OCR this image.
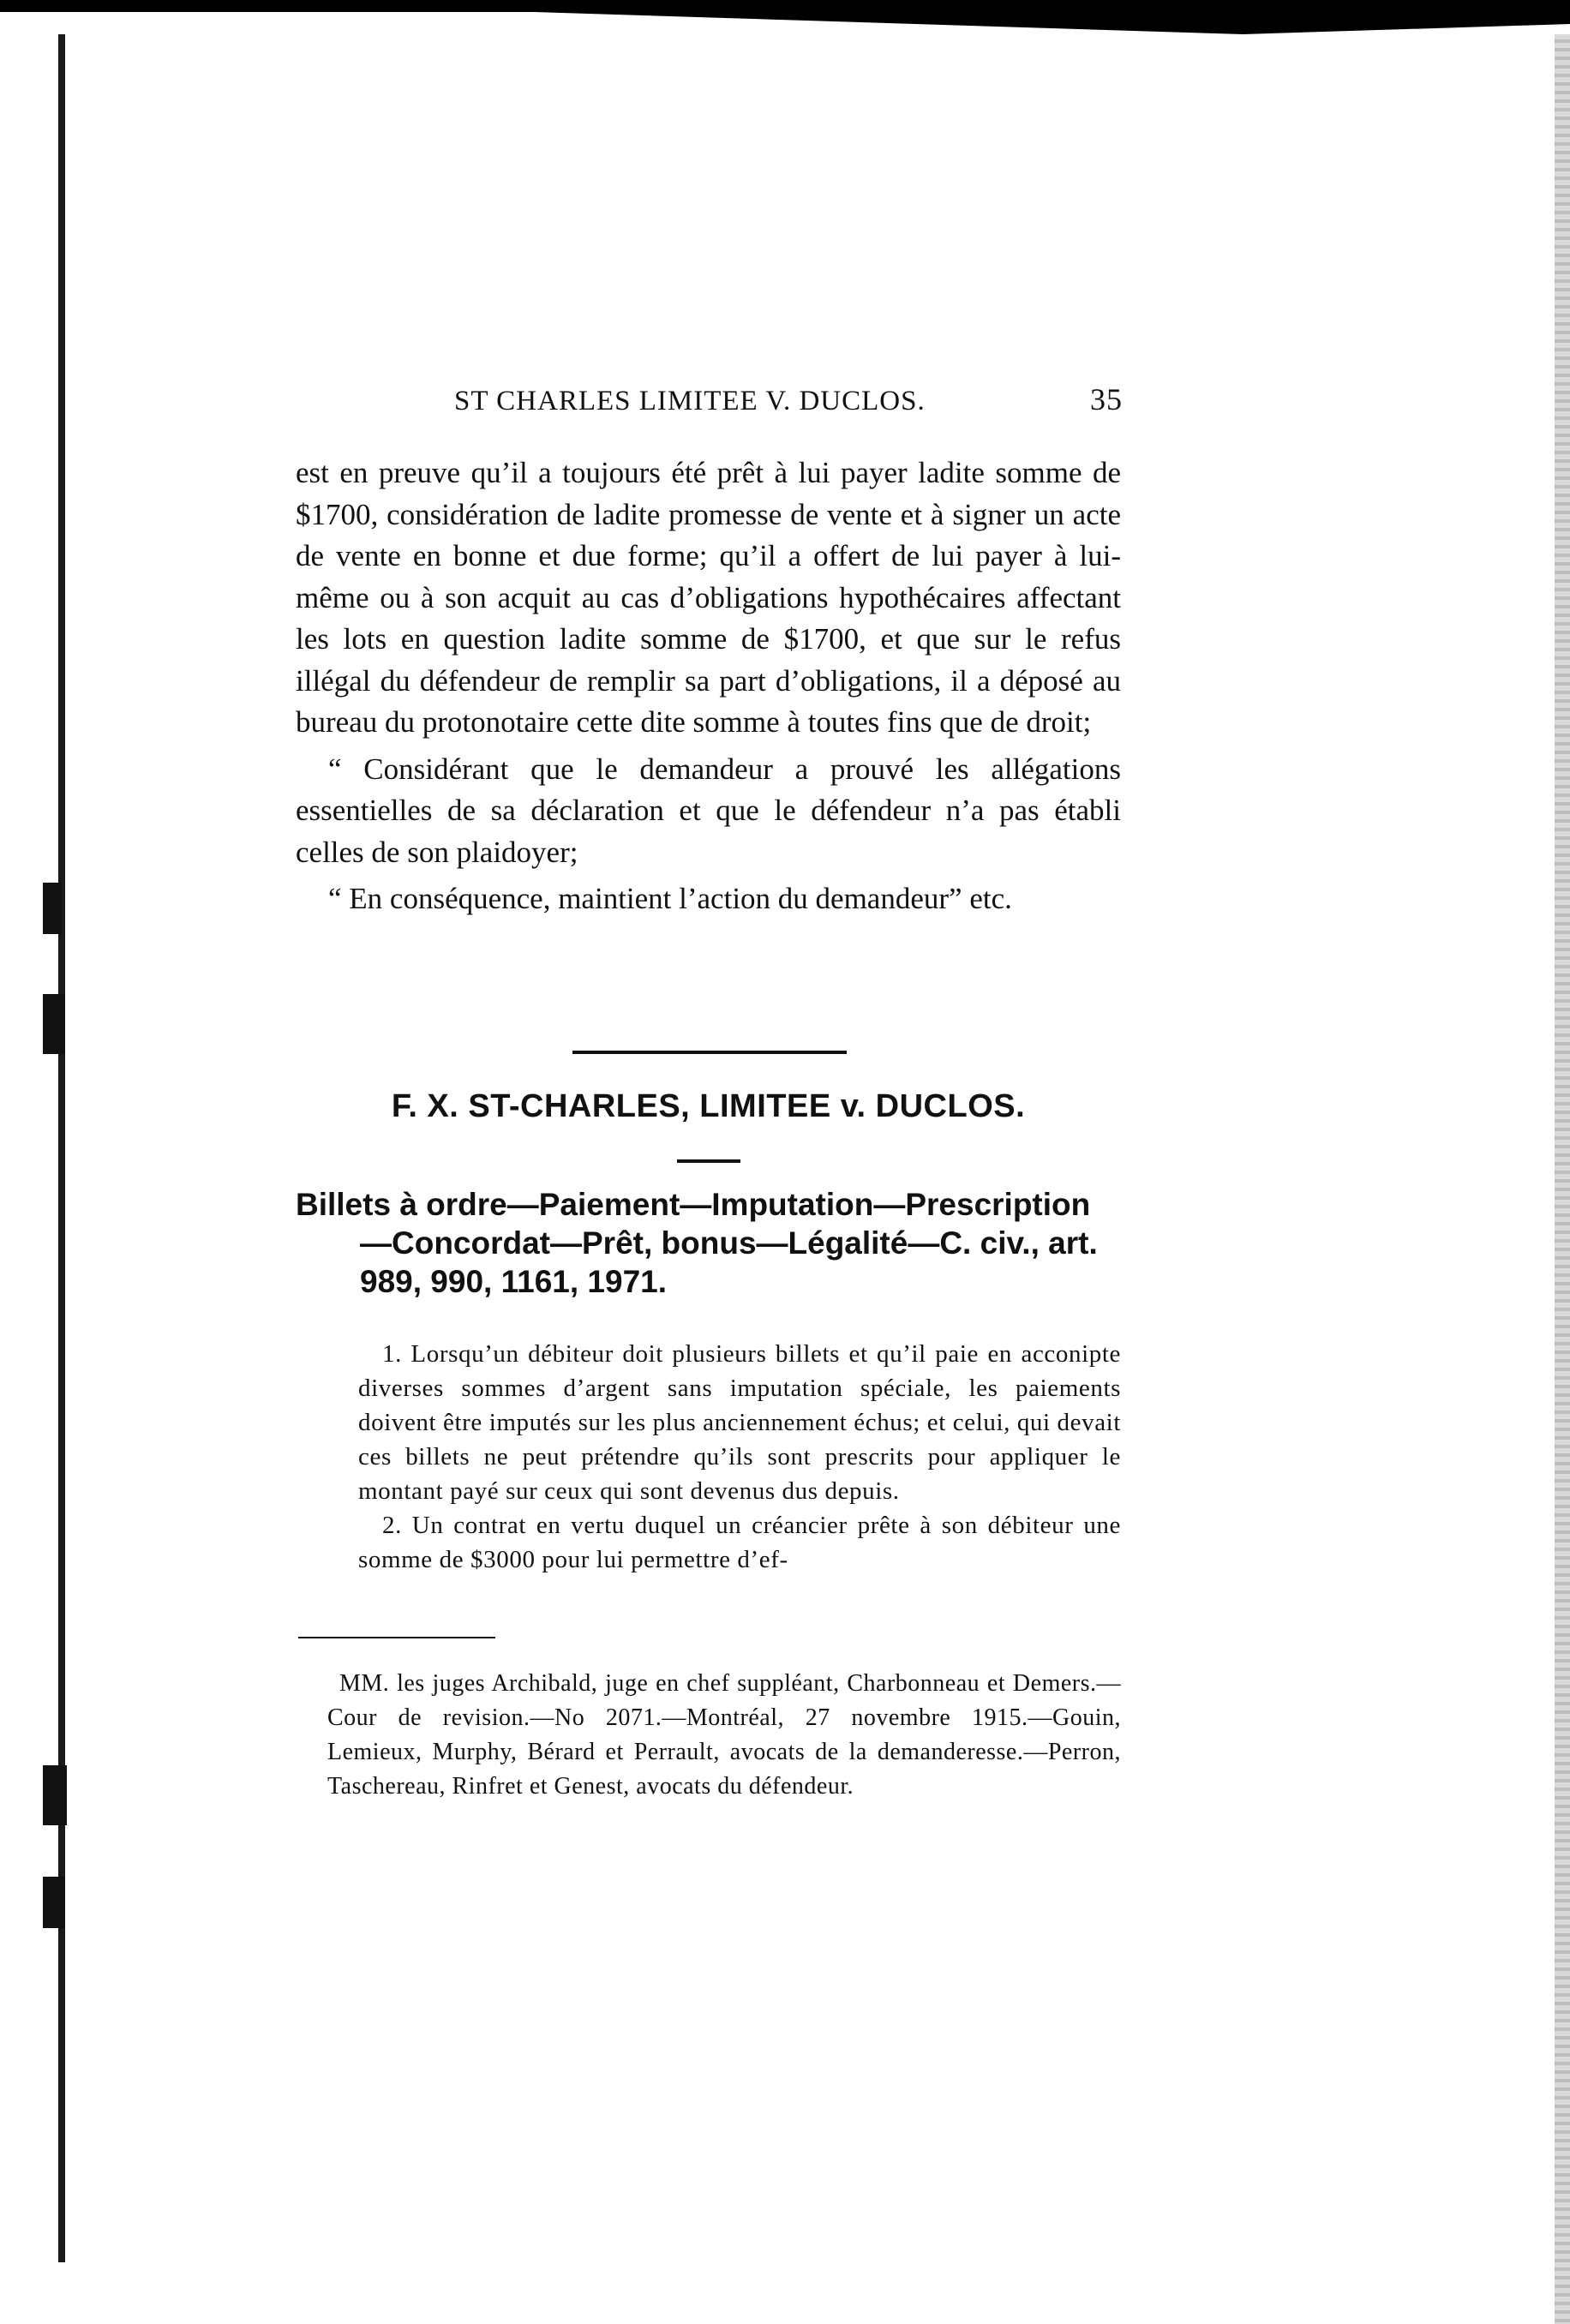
ST CHARLES LIMITEE V. DUCLOS.	35

est en preuve qu’il a toujours été prêt à lui payer ladite somme de $1700, considération de ladite promesse de vente et à signer un acte de vente en bonne et due forme; qu’il a offert de lui payer à lui-même ou à son acquit au cas d’obligations hypothécaires affectant les lots en question ladite somme de $1700, et que sur le refus illégal du défendeur de remplir sa part d’obligations, il a déposé au bureau du protonotaire cette dite somme à toutes fins que de droit;

“ Considérant que le demandeur a prouvé les allégations essentielles de sa déclaration et que le défendeur n’a pas établi celles de son plaidoyer;

“ En conséquence, maintient l’action du demandeur” etc.

F. X. ST-CHARLES, LIMITEE v. DUCLOS.
Billets à ordre—Paiement—Imputation—Prescription—Concordat—Prêt, bonus—Légalité—C. civ., art. 989, 990, 1161, 1971.

1. Lorsqu’un débiteur doit plusieurs billets et qu’il paie en acconipte diverses sommes d’argent sans imputation spéciale, les paiements doivent être imputés sur les plus anciennement échus; et celui, qui devait ces billets ne peut prétendre qu’ils sont prescrits pour appliquer le montant payé sur ceux qui sont devenus dus depuis.

2. Un contrat en vertu duquel un créancier prête à son débiteur une somme de $3000 pour lui permettre d’ef-

MM. les juges Archibald, juge en chef suppléant, Charbonneau et Demers.—Cour de revision.—No 2071.—Montréal, 27 novembre 1915.—Gouin, Lemieux, Murphy, Bérard et Perrault, avocats de la demanderesse.—Perron, Taschereau, Rinfret et Genest, avocats du défendeur.
